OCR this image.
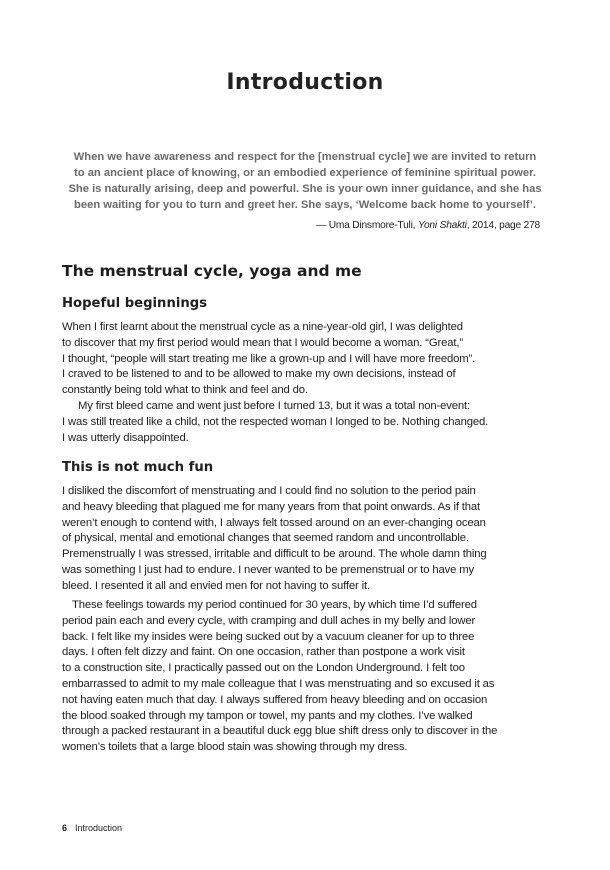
Introduction
When we have awareness and respect for the [menstrual cycle] we are invited to return
to an ancient place of knowing, or an embodied experience of feminine spiritual power.
She is naturally arising, deep and powerful. She is your own inner guidance, and she has
been waiting for you to turn and greet her. She says, ‘Welcome back home to yourself’.
— Uma Dinsmore-Tuli, Yoni Shakti, 2014, page 278
The menstrual cycle, yoga and me
Hopeful beginnings
When I first learnt about the menstrual cycle as a nine-year-old girl, I was delighted
to discover that my first period would mean that I would become a woman. “Great,”
I thought, “people will start treating me like a grown-up and I will have more freedom”.
I craved to be listened to and to be allowed to make my own decisions, instead of
constantly being told what to think and feel and do.
My first bleed came and went just before I turned 13, but it was a total non-event:
I was still treated like a child, not the respected woman I longed to be. Nothing changed.
I was utterly disappointed.
This is not much fun
I disliked the discomfort of menstruating and I could find no solution to the period pain
and heavy bleeding that plagued me for many years from that point onwards. As if that
weren’t enough to contend with, I always felt tossed around on an ever-changing ocean
of physical, mental and emotional changes that seemed random and uncontrollable.
Premenstrually I was stressed, irritable and difficult to be around. The whole damn thing
was something I just had to endure. I never wanted to be premenstrual or to have my
bleed. I resented it all and envied men for not having to suffer it.
These feelings towards my period continued for 30 years, by which time I’d suffered
period pain each and every cycle, with cramping and dull aches in my belly and lower
back. I felt like my insides were being sucked out by a vacuum cleaner for up to three
days. I often felt dizzy and faint. On one occasion, rather than postpone a work visit
to a construction site, I practically passed out on the London Underground. I felt too
embarrassed to admit to my male colleague that I was menstruating and so excused it as
not having eaten much that day. I always suffered from heavy bleeding and on occasion
the blood soaked through my tampon or towel, my pants and my clothes. I’ve walked
through a packed restaurant in a beautiful duck egg blue shift dress only to discover in the
women’s toilets that a large blood stain was showing through my dress.
6 Introduction
